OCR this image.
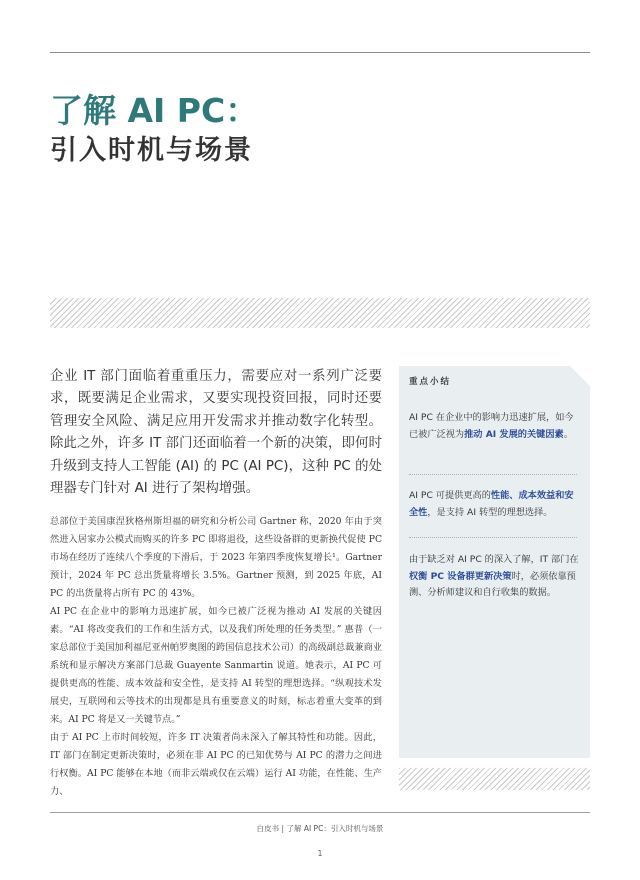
了解 AI PC：
引入时机与场景

企业 IT 部门面临着重重压力，需要应对一系列广泛要求，既要满足企业需求，又要实现投资回报，同时还要管理安全风险、满足应用开发需求并推动数字化转型。除此之外，许多 IT 部门还面临着一个新的决策，即何时升级到支持人工智能 (AI) 的 PC (AI PC)，这种 PC 的处理器专门针对 AI 进行了架构增强。

总部位于美国康涅狄格州斯坦福的研究和分析公司 Gartner 称，2020 年由于突然进入居家办公模式而购买的许多 PC 即将退役，这些设备群的更新换代促使 PC 市场在经历了连续八个季度的下滑后，于 2023 年第四季度恢复增长¹。Gartner 预计，2024 年 PC 总出货量将增长 3.5%。Gartner 预测，到 2025 年底，AI PC 的出货量将占所有 PC 的 43%。

AI PC 在企业中的影响力迅速扩展，如今已被广泛视为推动 AI 发展的关键因素。“AI 将改变我们的工作和生活方式，以及我们所处理的任务类型。” 惠普（一家总部位于美国加利福尼亚州帕罗奥图的跨国信息技术公司）的高级副总裁兼商业系统和显示解决方案部门总裁 Guayente Sanmartin 说道。她表示，AI PC 可提供更高的性能、成本效益和安全性，是支持 AI 转型的理想选择。“纵观技术发展史，互联网和云等技术的出现都是具有重要意义的时刻，标志着重大变革的到来。AI PC 将是又一关键节点。”

由于 AI PC 上市时间较短，许多 IT 决策者尚未深入了解其特性和功能。因此，IT 部门在制定更新决策时，必须在非 AI PC 的已知优势与 AI PC 的潜力之间进行权衡。AI PC 能够在本地（而非云端或仅在云端）运行 AI 功能，在性能、生产力、

重点小结

AI PC 在企业中的影响力迅速扩展，如今已被广泛视为推动 AI 发展的关键因素。

AI PC 可提供更高的性能、成本效益和安全性，是支持 AI 转型的理想选择。

由于缺乏对 AI PC 的深入了解，IT 部门在权衡 PC 设备群更新决策时，必须依靠预测、分析师建议和自行收集的数据。

白皮书 | 了解 AI PC：引入时机与场景
1
